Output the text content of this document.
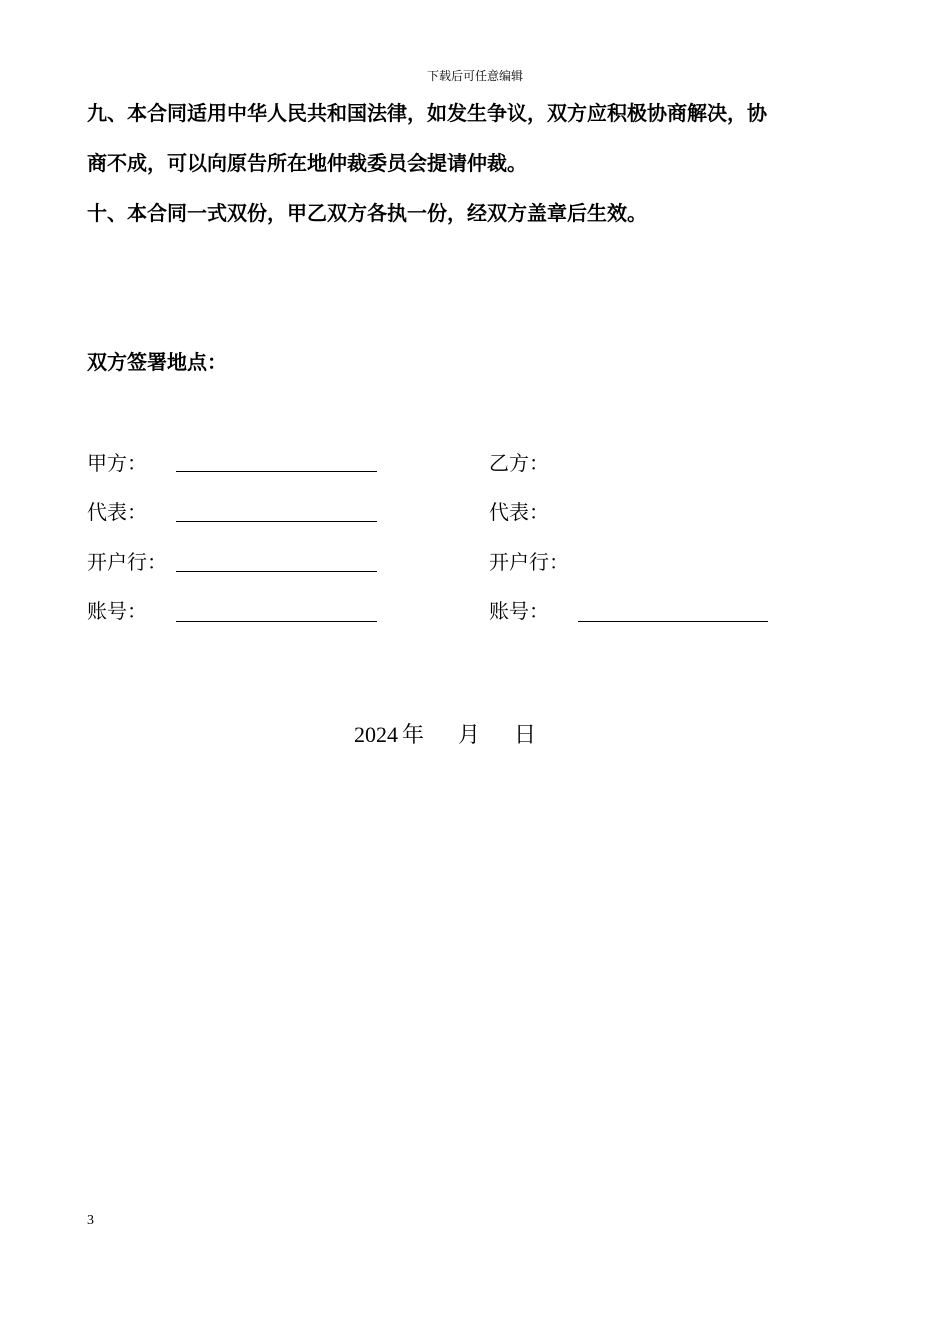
下载后可任意编辑
九、本合同适用中华人民共和国法律，如发生争议，双方应积极协商解决，协
商不成，可以向原告所在地仲裁委员会提请仲裁。
十、本合同一式双份，甲乙双方各执一份，经双方盖章后生效。
双方签署地点：
甲方：
代表：
开户行：
账号：
乙方：
代表：
开户行：
账号：
2024 年 月 日
3
